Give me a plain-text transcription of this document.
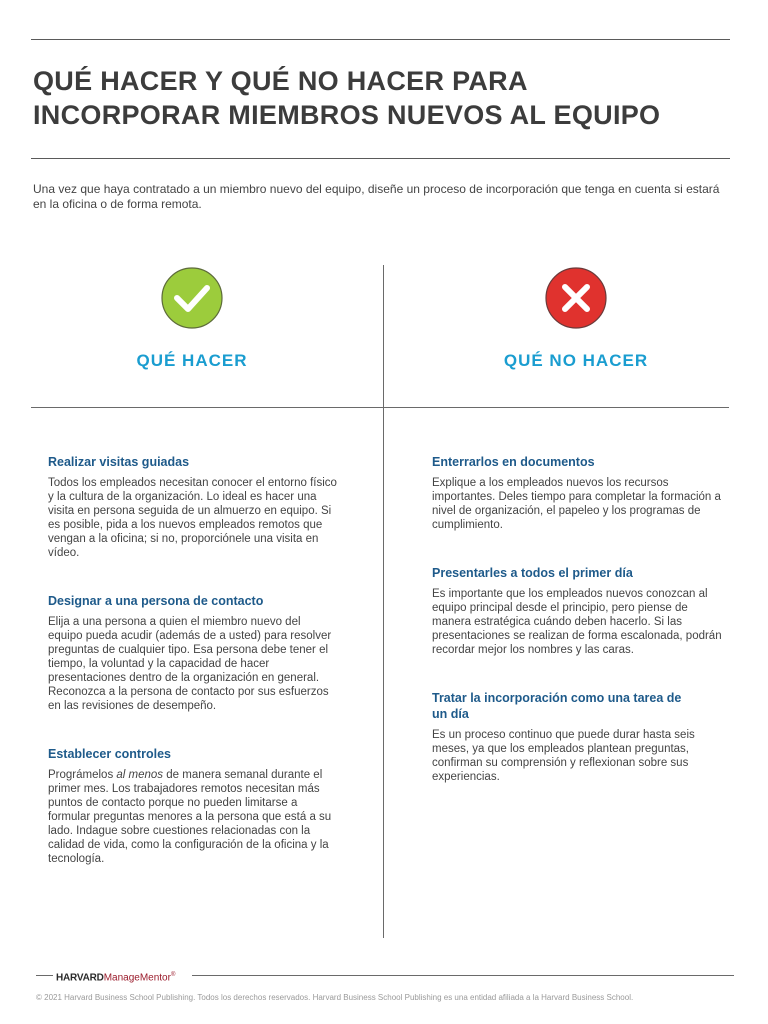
QUÉ HACER Y QUÉ NO HACER PARA
INCORPORAR MIEMBROS NUEVOS AL EQUIPO

Una vez que haya contratado a un miembro nuevo del equipo, diseñe un proceso de incorporación que tenga en cuenta si estará en la oficina o de forma remota.

QUÉ HACER	QUÉ NO HACER
Realizar visitas guiadas

Todos los empleados necesitan conocer el entorno físico y la cultura de la organización. Lo ideal es hacer una visita en persona seguida de un almuerzo en equipo. Si es posible, pida a los nuevos empleados remotos que vengan a la oficina; si no, proporciónele una visita en vídeo.

Designar a una persona de contacto

Elija a una persona a quien el miembro nuevo del equipo pueda acudir (además de a usted) para resolver preguntas de cualquier tipo. Esa persona debe tener el tiempo, la voluntad y la capacidad de hacer presentaciones dentro de la organización en general. Reconozca a la persona de contacto por sus esfuerzos en las revisiones de desempeño.

Establecer controles

Prográmelos al menos de manera semanal durante el primer mes. Los trabajadores remotos necesitan más puntos de contacto porque no pueden limitarse a formular preguntas menores a la persona que está a su lado. Indague sobre cuestiones relacionadas con la calidad de vida, como la configuración de la oficina y la tecnología.

Enterrarlos en documentos

Explique a los empleados nuevos los recursos importantes. Deles tiempo para completar la formación a nivel de organización, el papeleo y los programas de cumplimiento.

Presentarles a todos el primer día

Es importante que los empleados nuevos conozcan al equipo principal desde el principio, pero piense de manera estratégica cuándo deben hacerlo. Si las presentaciones se realizan de forma escalonada, podrán recordar mejor los nombres y las caras.

Tratar la incorporación como una tarea de un día

Es un proceso continuo que puede durar hasta seis meses, ya que los empleados plantean preguntas, confirman su comprensión y reflexionan sobre sus experiencias.

HARVARDManageMentor®
© 2021 Harvard Business School Publishing. Todos los derechos reservados. Harvard Business School Publishing es una entidad afiliada a la Harvard Business School.
